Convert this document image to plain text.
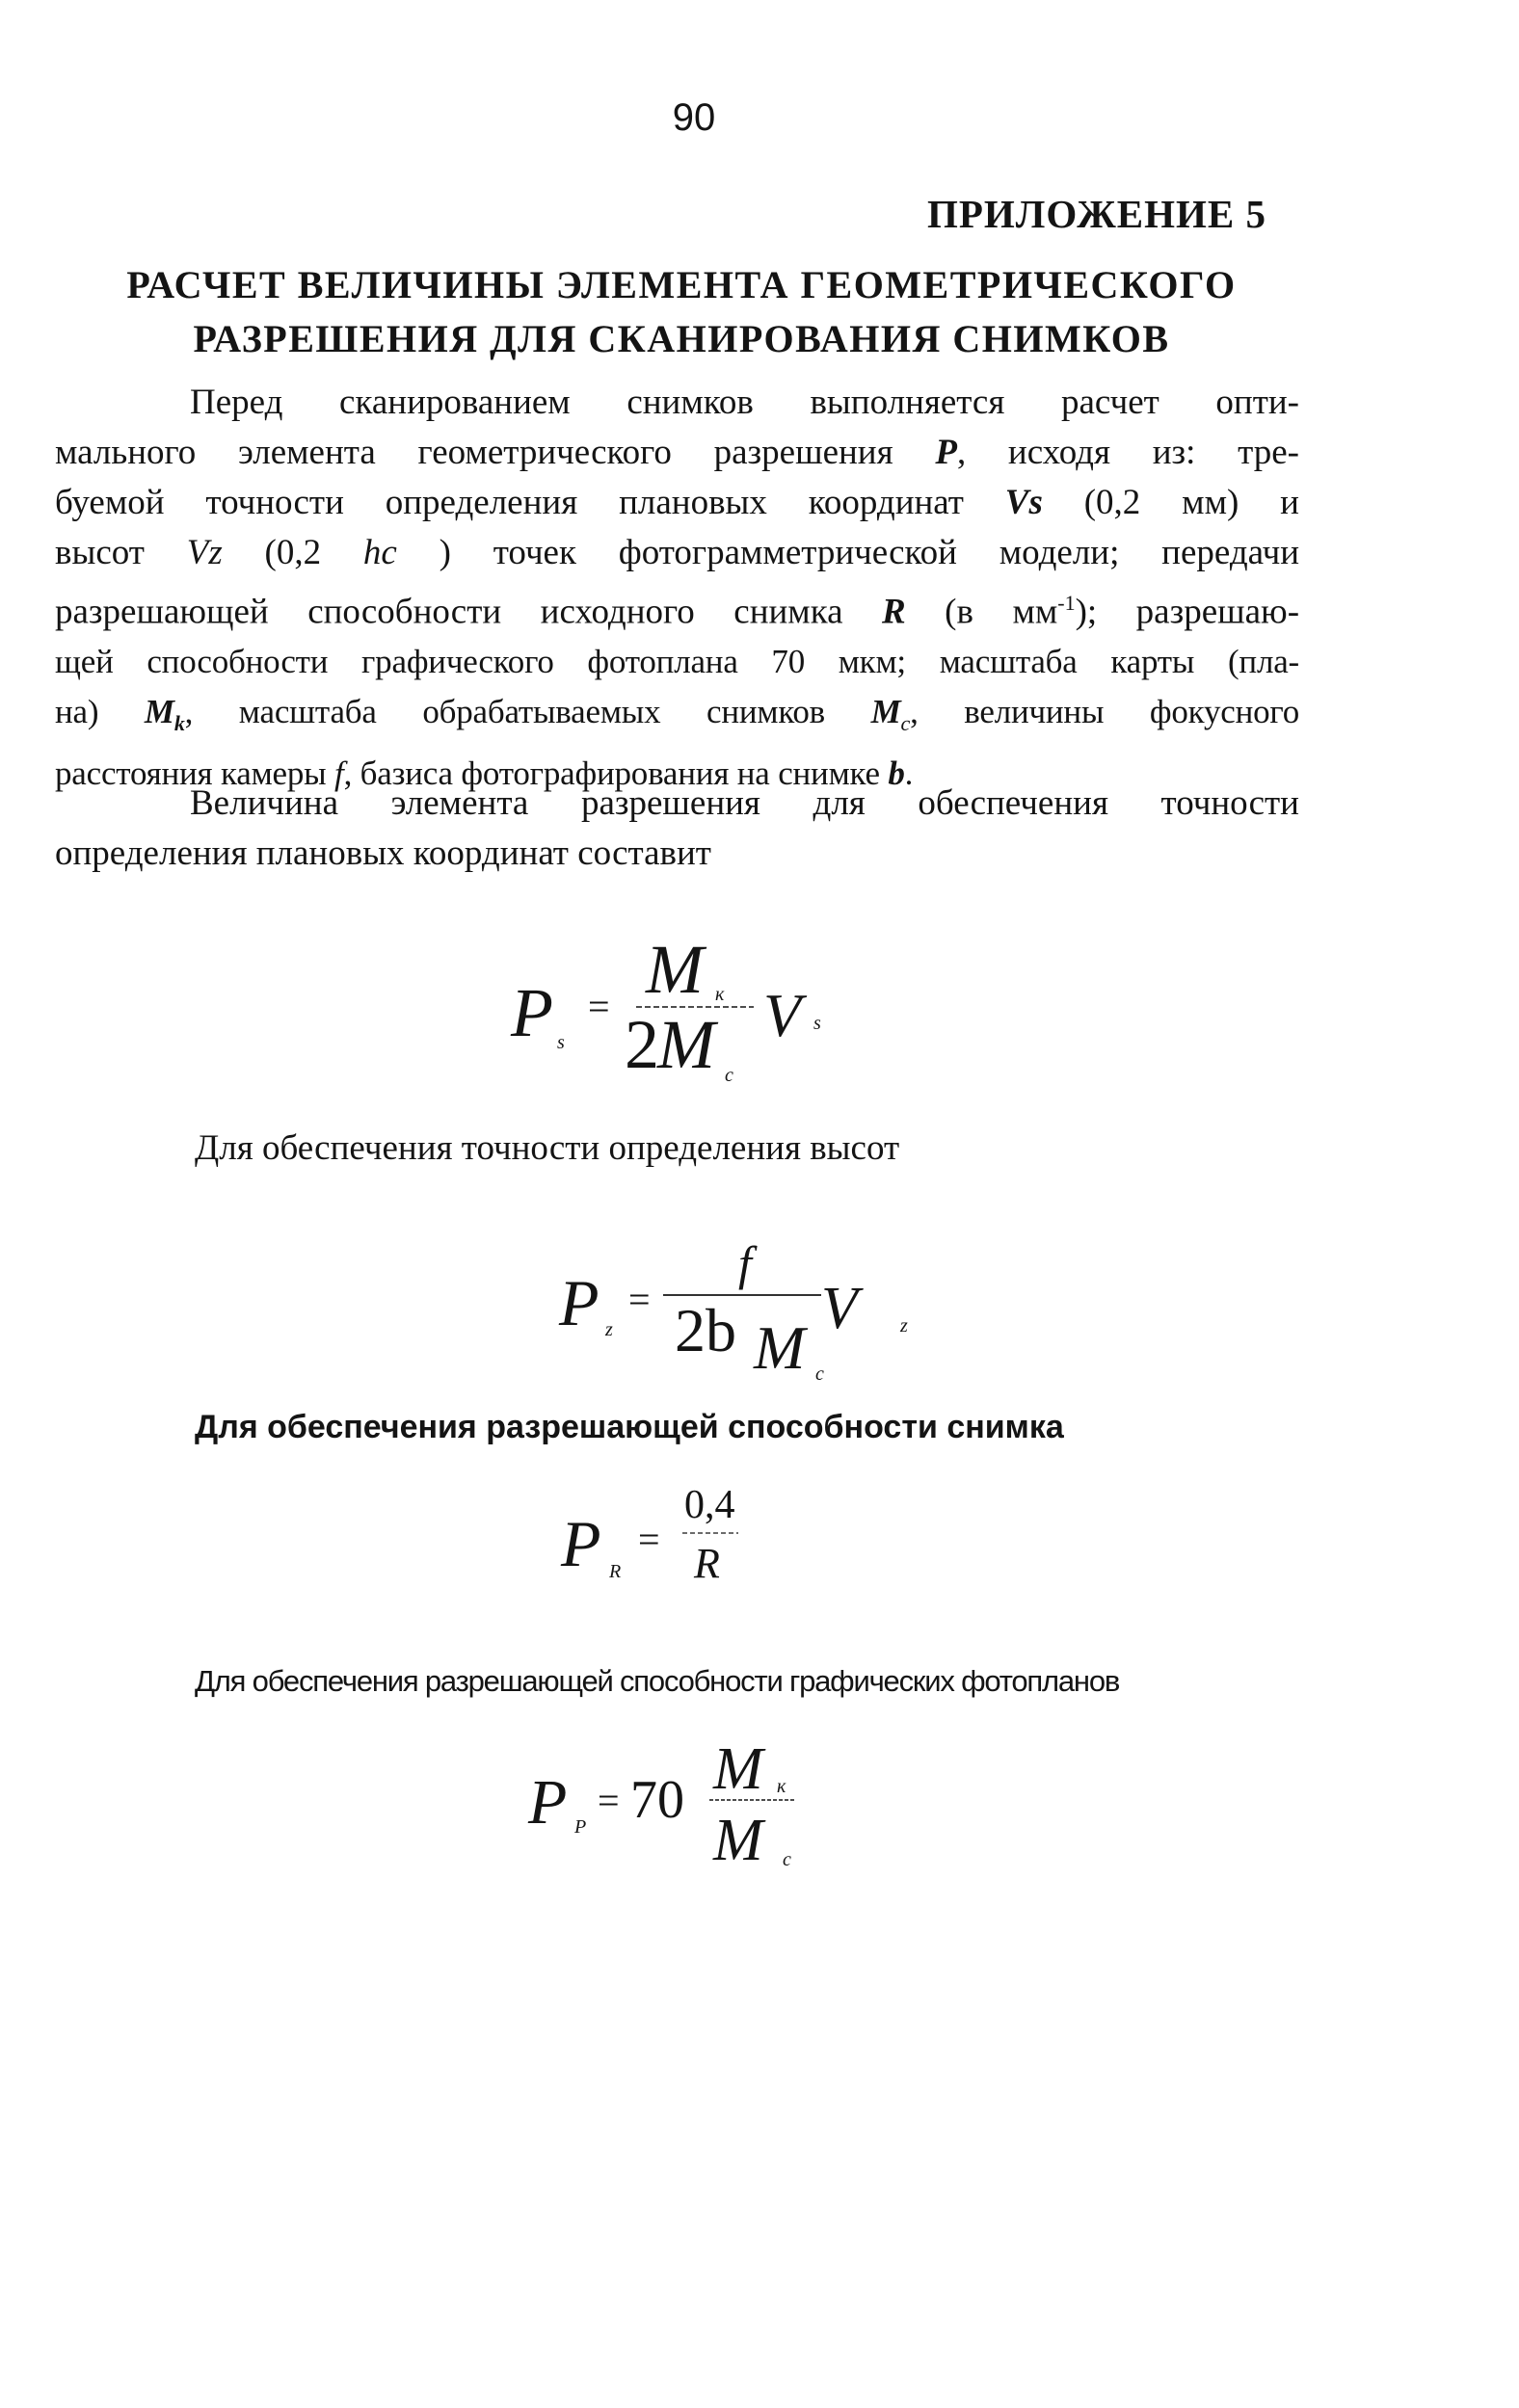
90
ПРИЛОЖЕНИЕ 5
РАСЧЕТ ВЕЛИЧИНЫ ЭЛЕМЕНТА ГЕОМЕТРИЧЕСКОГО
РАЗРЕШЕНИЯ ДЛЯ СКАНИРОВАНИЯ СНИМКОВ
Перед сканированием снимков выполняется расчет опти-
мального элемента геометрического разрешения P, исходя из: тре-
буемой точности определения плановых координат Vs (0,2 мм) и
высот Vz (0,2 hc ) точек фотограмметрической модели; передачи
разрешающей способности исходного снимка R (в $мм^{-1}$); разрешаю-
щей способности графического фотоплана 70 мкм; масштаба карты (пла-
на) $M_k$, масштаба обрабатываемых снимков $M_c$, величины фокусного
расстояния камеры f, базиса фотографирования на снимке b.
Величина элемента разрешения для обеспечения точности
определения плановых координат составит
P s
= M к
2
M c
V s
Для обеспечения точности определения высот
P z
=
f
2b M c
V	z
Для обеспечения разрешающей способности снимка
P R
=
0,4
R
Для обеспечения разрешающей способности графических фотопланов
P P
= 70 M к
M c
